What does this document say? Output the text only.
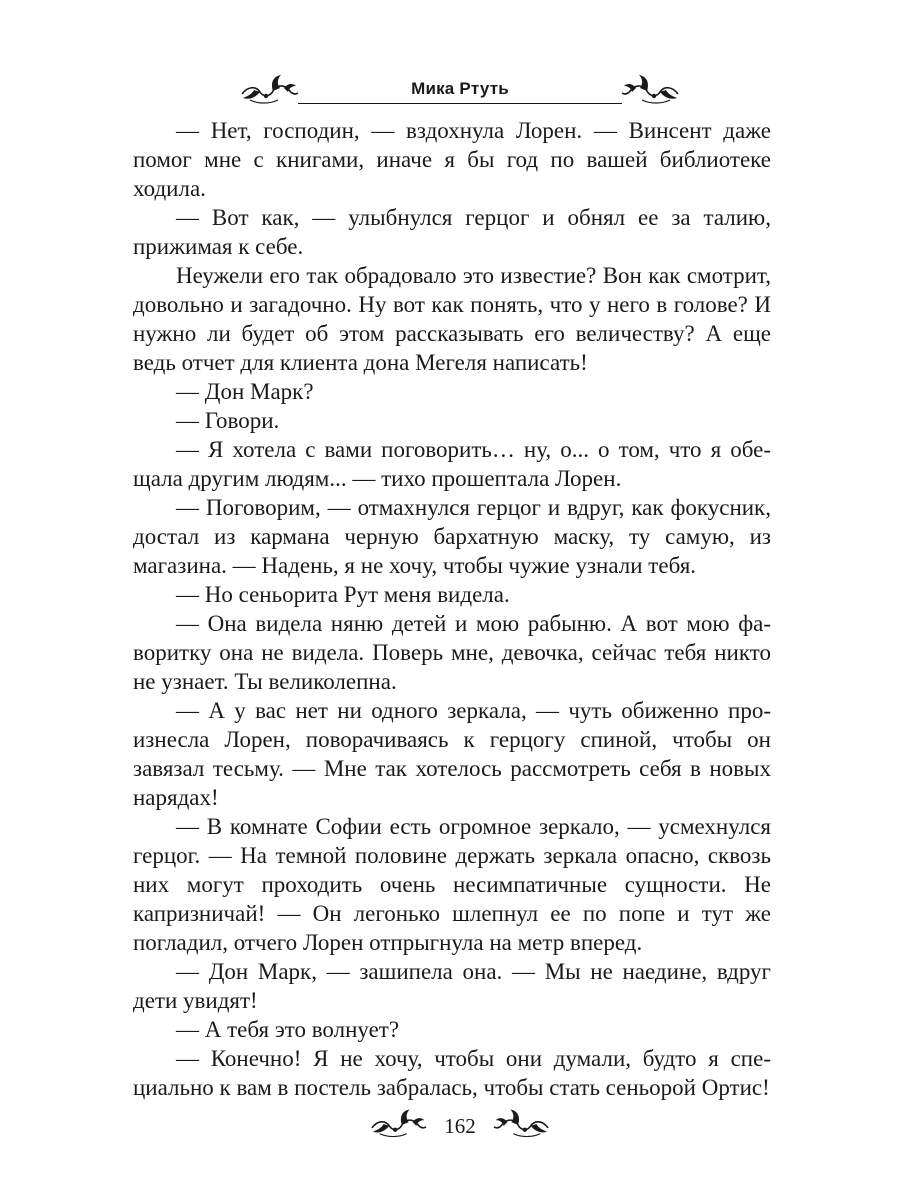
Мика Ртуть

— Нет, господин, — вздохнула Лорен. — Винсент даже помог мне с книгами, иначе я бы год по вашей библиотеке ходила.

— Вот как, — улыбнулся герцог и обнял ее за талию, прижимая к себе.

Неужели его так обрадовало это известие? Вон как смотрит, довольно и загадочно. Ну вот как понять, что у него в голове? И нужно ли будет об этом рассказывать его величеству? А еще ведь отчет для клиента дона Мегеля написать!

— Дон Марк?

— Говори.

— Я хотела с вами поговорить… ну, о... о том, что я обещала другим людям... — тихо прошептала Лорен.

— Поговорим, — отмахнулся герцог и вдруг, как фокусник, достал из кармана черную бархатную маску, ту самую, из магазина. — Надень, я не хочу, чтобы чужие узнали тебя.

— Но сеньорита Рут меня видела.

— Она видела няню детей и мою рабыню. А вот мою фаворитку она не видела. Поверь мне, девочка, сейчас тебя никто не узнает. Ты великолепна.

— А у вас нет ни одного зеркала, — чуть обиженно произнесла Лорен, поворачиваясь к герцогу спиной, чтобы он завязал тесьму. — Мне так хотелось рассмотреть себя в новых нарядах!

— В комнате Софии есть огромное зеркало, — усмехнулся герцог. — На темной половине держать зеркала опасно, сквозь них могут проходить очень несимпатичные сущности. Не капризничай! — Он легонько шлепнул ее по попе и тут же погладил, отчего Лорен отпрыгнула на метр вперед.

— Дон Марк, — зашипела она. — Мы не наедине, вдруг дети увидят!

— А тебя это волнует?

— Конечно! Я не хочу, чтобы они думали, будто я специально к вам в постель забралась, чтобы стать сеньорой Ортис!

162
